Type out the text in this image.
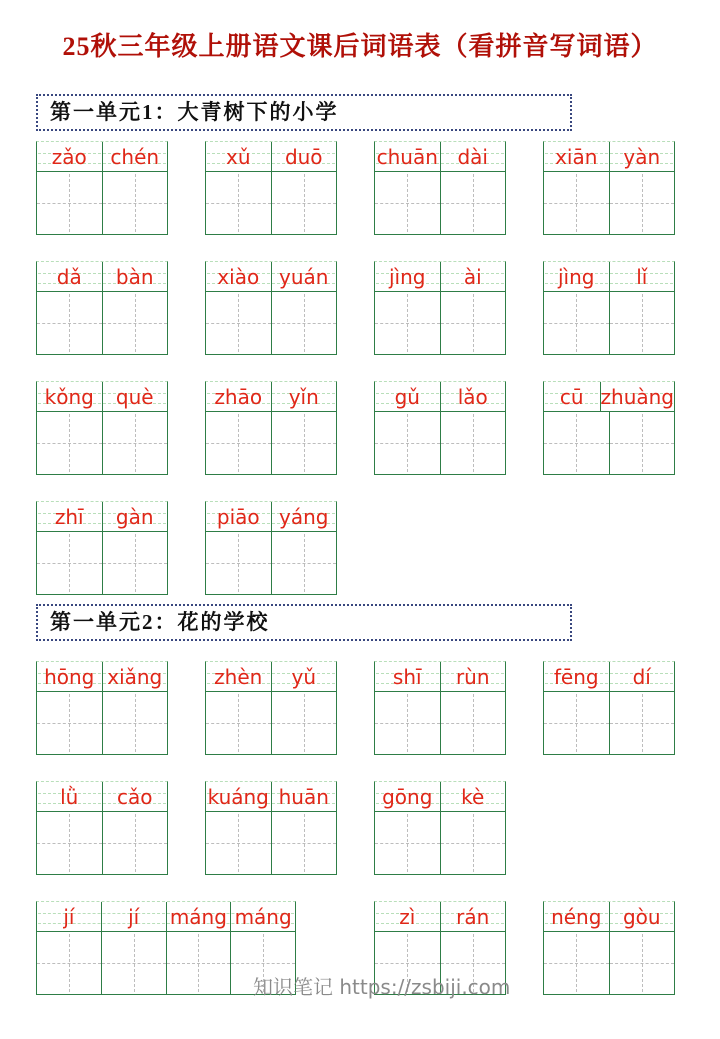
25秋三年级上册语文课后词语表（看拼音写词语）
第一单元1：大青树下的小学
zǎo	chén	xǔ	duō	chuān dài	xiān	yàn
dǎ	bàn	xiào yuán	jìng	ài	jìng	lǐ
kǒng	què	zhāo	yǐn	gǔ	lǎo	cū zhuàng
zhī	gàn	piāo yáng
第一单元2：花的学校
hōng xiǎng	zhèn	yǔ	shī	rùn	fēng	dí
lǜ	cǎo	kuáng huān	gōng	kè
jí	jí	máng máng	zì	rán	néng	gòu
知识笔记 https://zsbiji.com
